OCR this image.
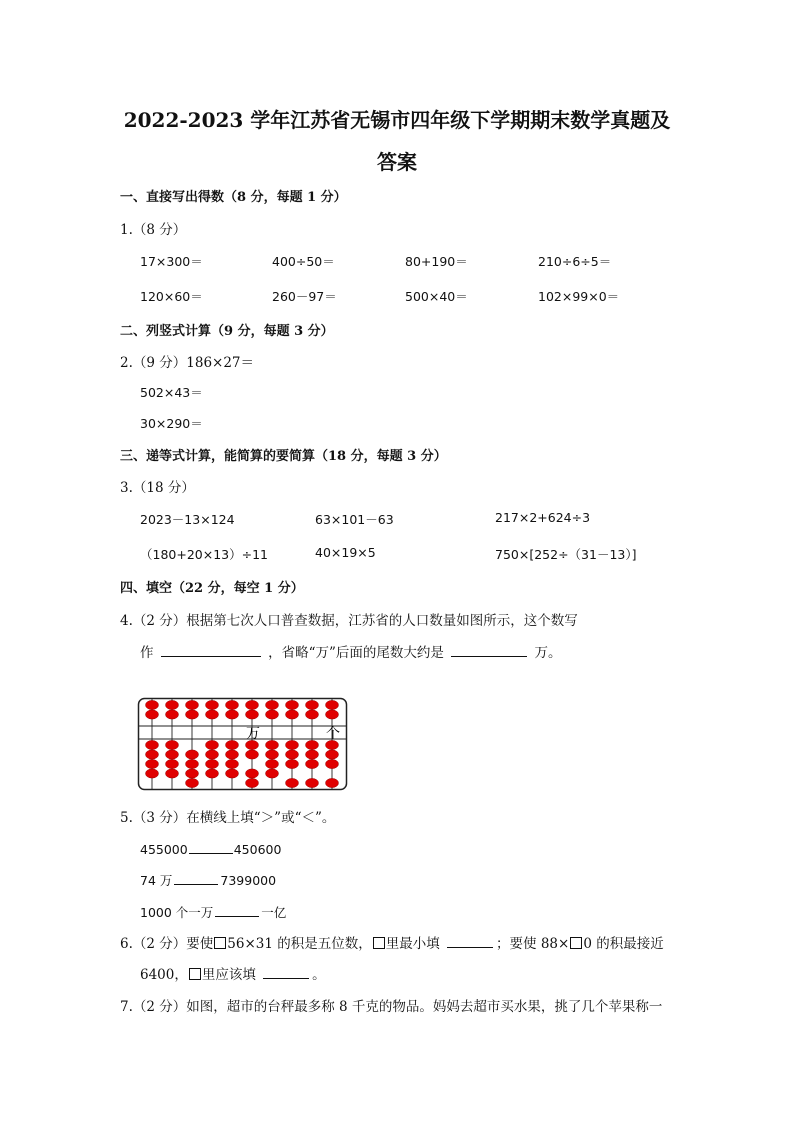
2022-2023 学年江苏省无锡市四年级下学期期末数学真题及
答案
一、直接写出得数（8 分，每题 1 分）
1.（8 分）
17×300＝	400÷50＝	80+190＝	210÷6÷5＝
120×60＝	260－97＝	500×40＝	102×99×0＝
二、列竖式计算（9 分，每题 3 分）
2.（9 分）186×27＝
502×43＝
30×290＝
三、递等式计算，能简算的要简算（18 分，每题 3 分）
3.（18 分）
2023－13×124	63×101－63	217×2+624÷3
（180+20×13）÷11	40×19×5	750×[252÷（31－13）]
四、填空（22 分，每空 1 分）
4.（2 分）根据第七次人口普查数据，江苏省的人口数量如图所示，这个数写
作	，省略“万”后面的尾数大约是	万。
万	个
5.（3 分）在横线上填“＞”或“＜”。
455000	450600
74 万	7399000
1000 个一万	一亿
6.（2 分）要使 56×31 的积是五位数， 里最小填	；要使 88× 0 的积最接近
6400， 里应该填	。
7.（2 分）如图，超市的台秤最多称 8 千克的物品。妈妈去超市买水果，挑了几个苹果称一
